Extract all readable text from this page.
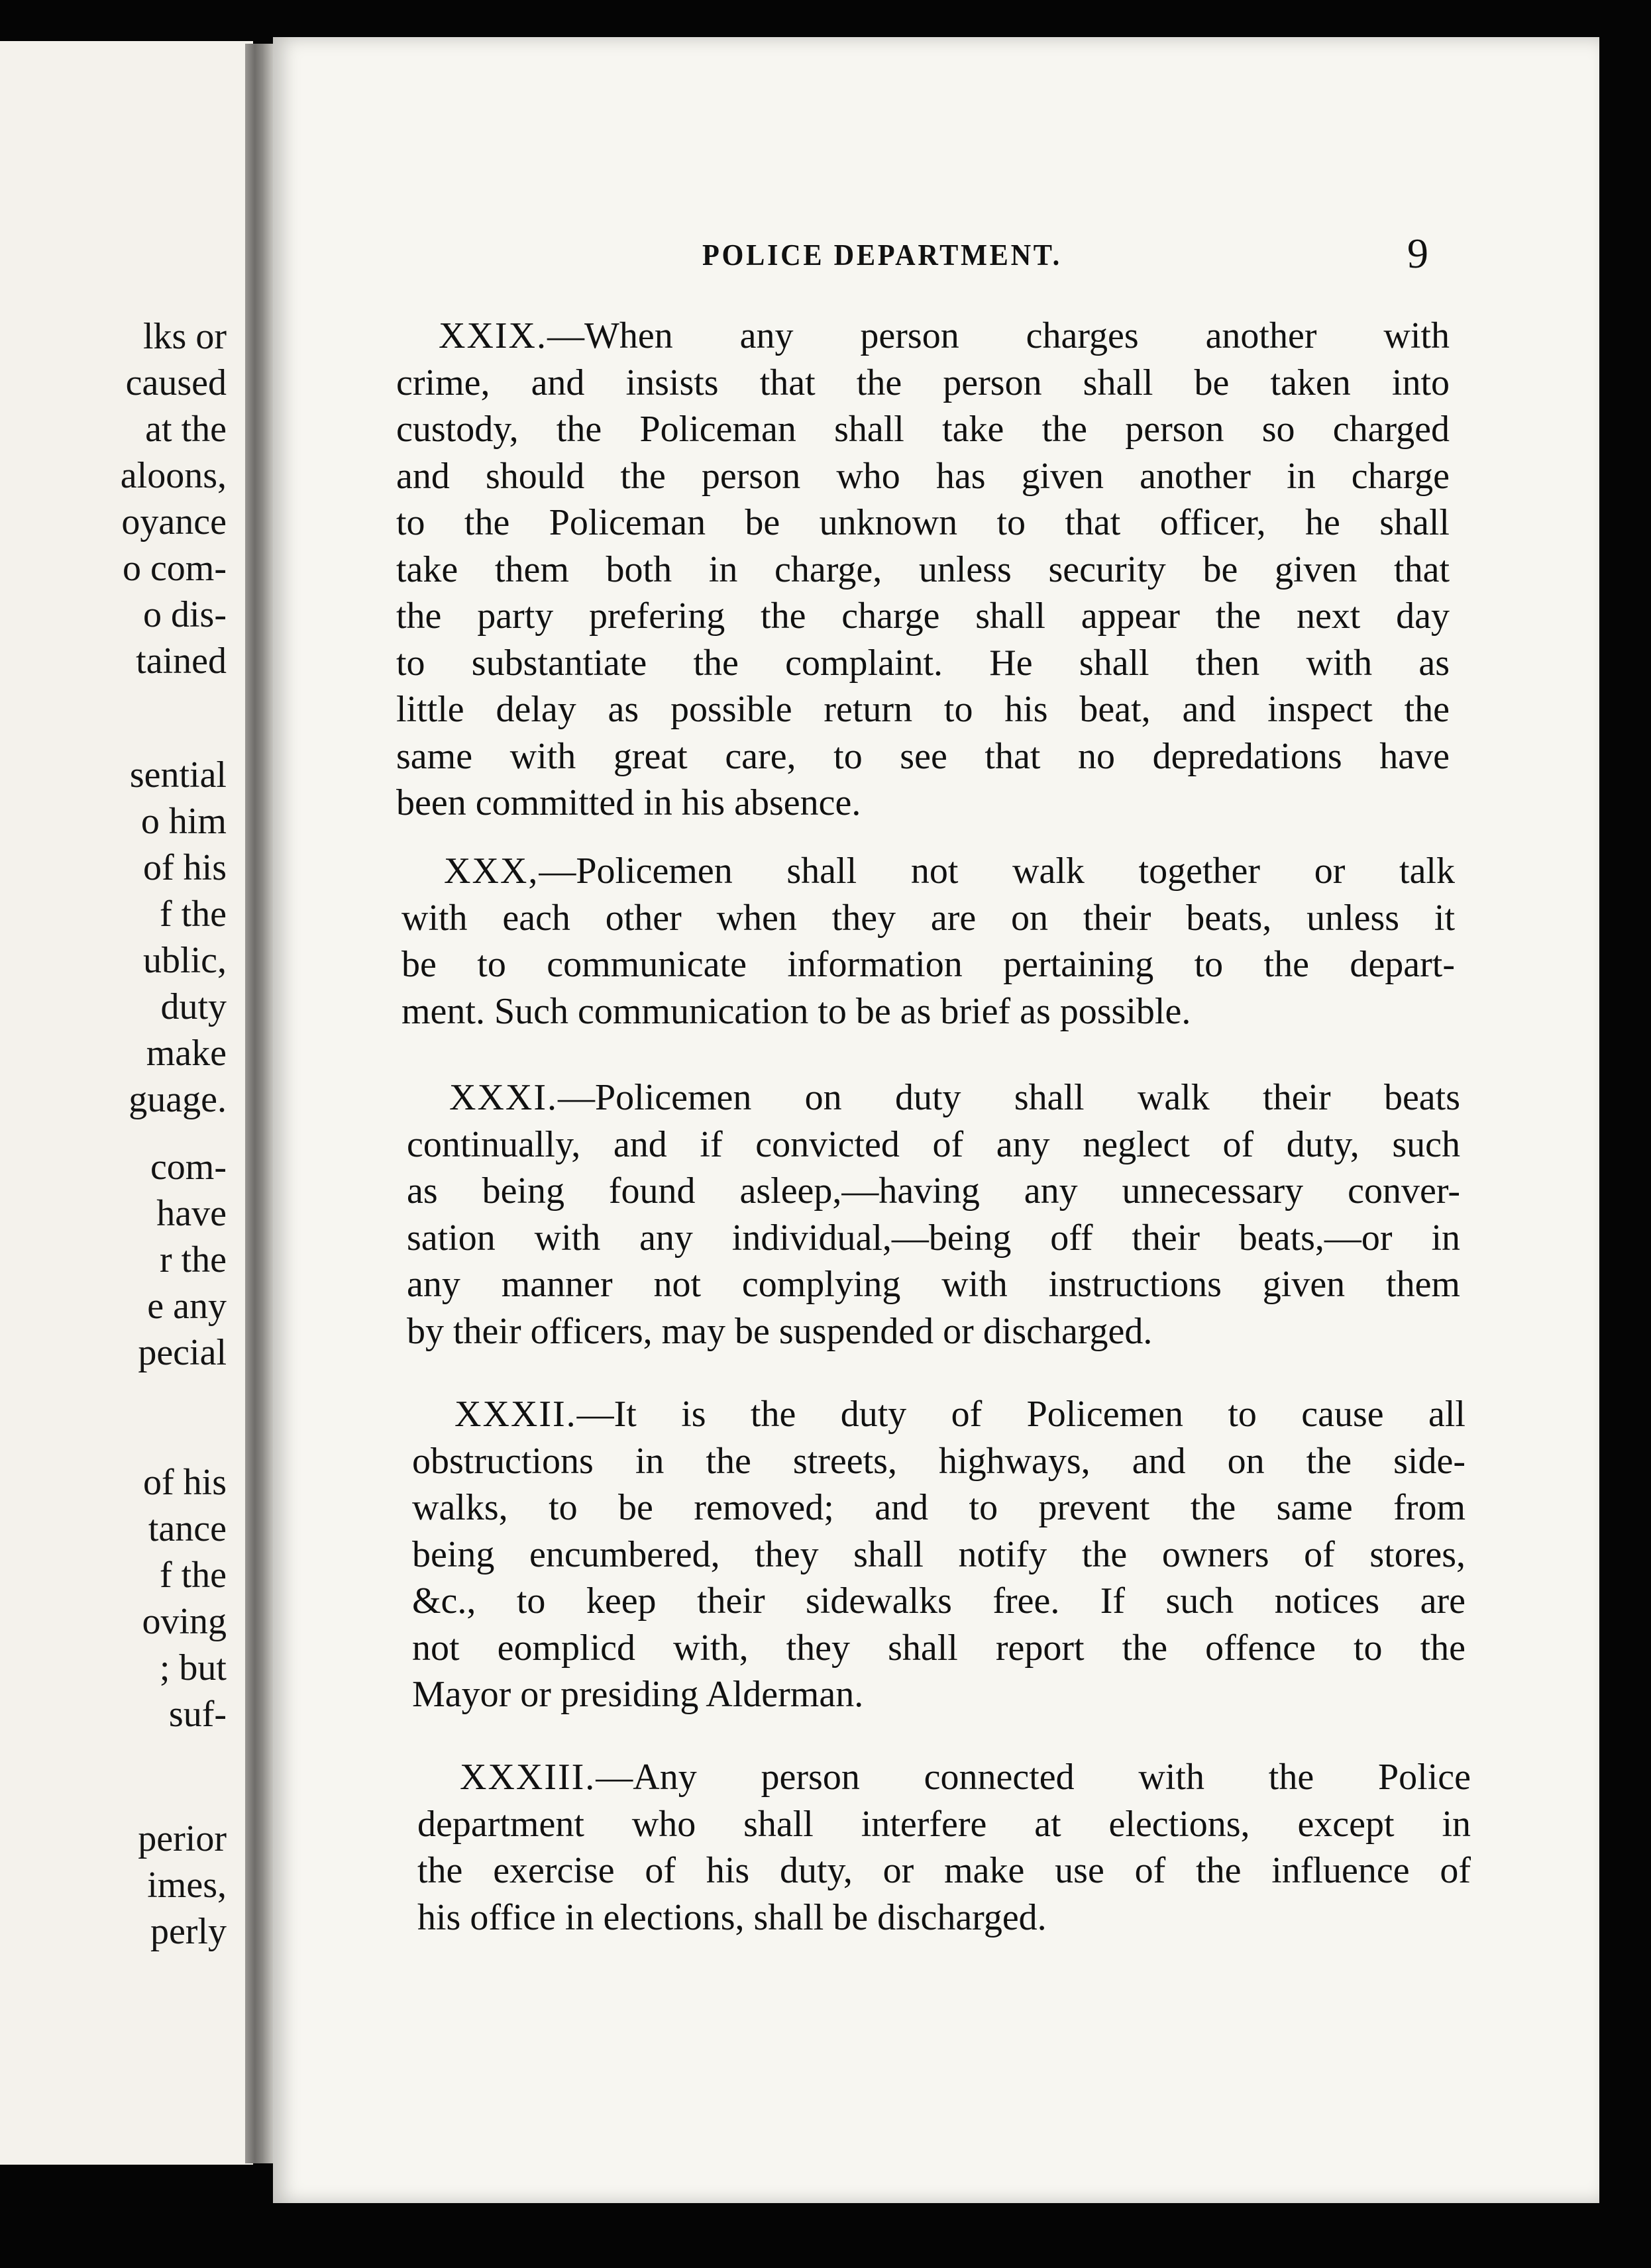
lks or
caused
at the
aloons,
oyance
o com-
o dis-
tained
sential
o him
of his
f the
ublic,
duty
make
guage.
com-
have
r the
e any
pecial
of his
tance
f the
oving
; but
suf-
perior
imes,
perly
POLICE DEPARTMENT.	9
XXIX.—When any person charges another with
crime, and insists that the person shall be taken into
custody, the Policeman shall take the person so charged
and should the person who has given another in charge
to the Policeman be unknown to that officer, he shall
take them both in charge, unless security be given that
the party prefering the charge shall appear the next day
to substantiate the complaint. He shall then with as
little delay as possible return to his beat, and inspect the
same with great care, to see that no depredations have
been committed in his absence.
XXX,—Policemen shall not walk together or talk
with each other when they are on their beats, unless it
be to communicate information pertaining to the depart-
ment. Such communication to be as brief as possible.
XXXI.—Policemen on duty shall walk their beats
continually, and if convicted of any neglect of duty, such
as being found asleep,—having any unnecessary conver-
sation with any individual,—being off their beats,—or in
any manner not complying with instructions given them
by their officers, may be suspended or discharged.
XXXII.—It is the duty of Policemen to cause all
obstructions in the streets, highways, and on the side-
walks, to be removed; and to prevent the same from
being encumbered, they shall notify the owners of stores,
&c., to keep their sidewalks free. If such notices are
not eomplicd with, they shall report the offence to the
Mayor or presiding Alderman.
XXXIII.—Any person connected with the Police
department who shall interfere at elections, except in
the exercise of his duty, or make use of the influence of
his office in elections, shall be discharged.
